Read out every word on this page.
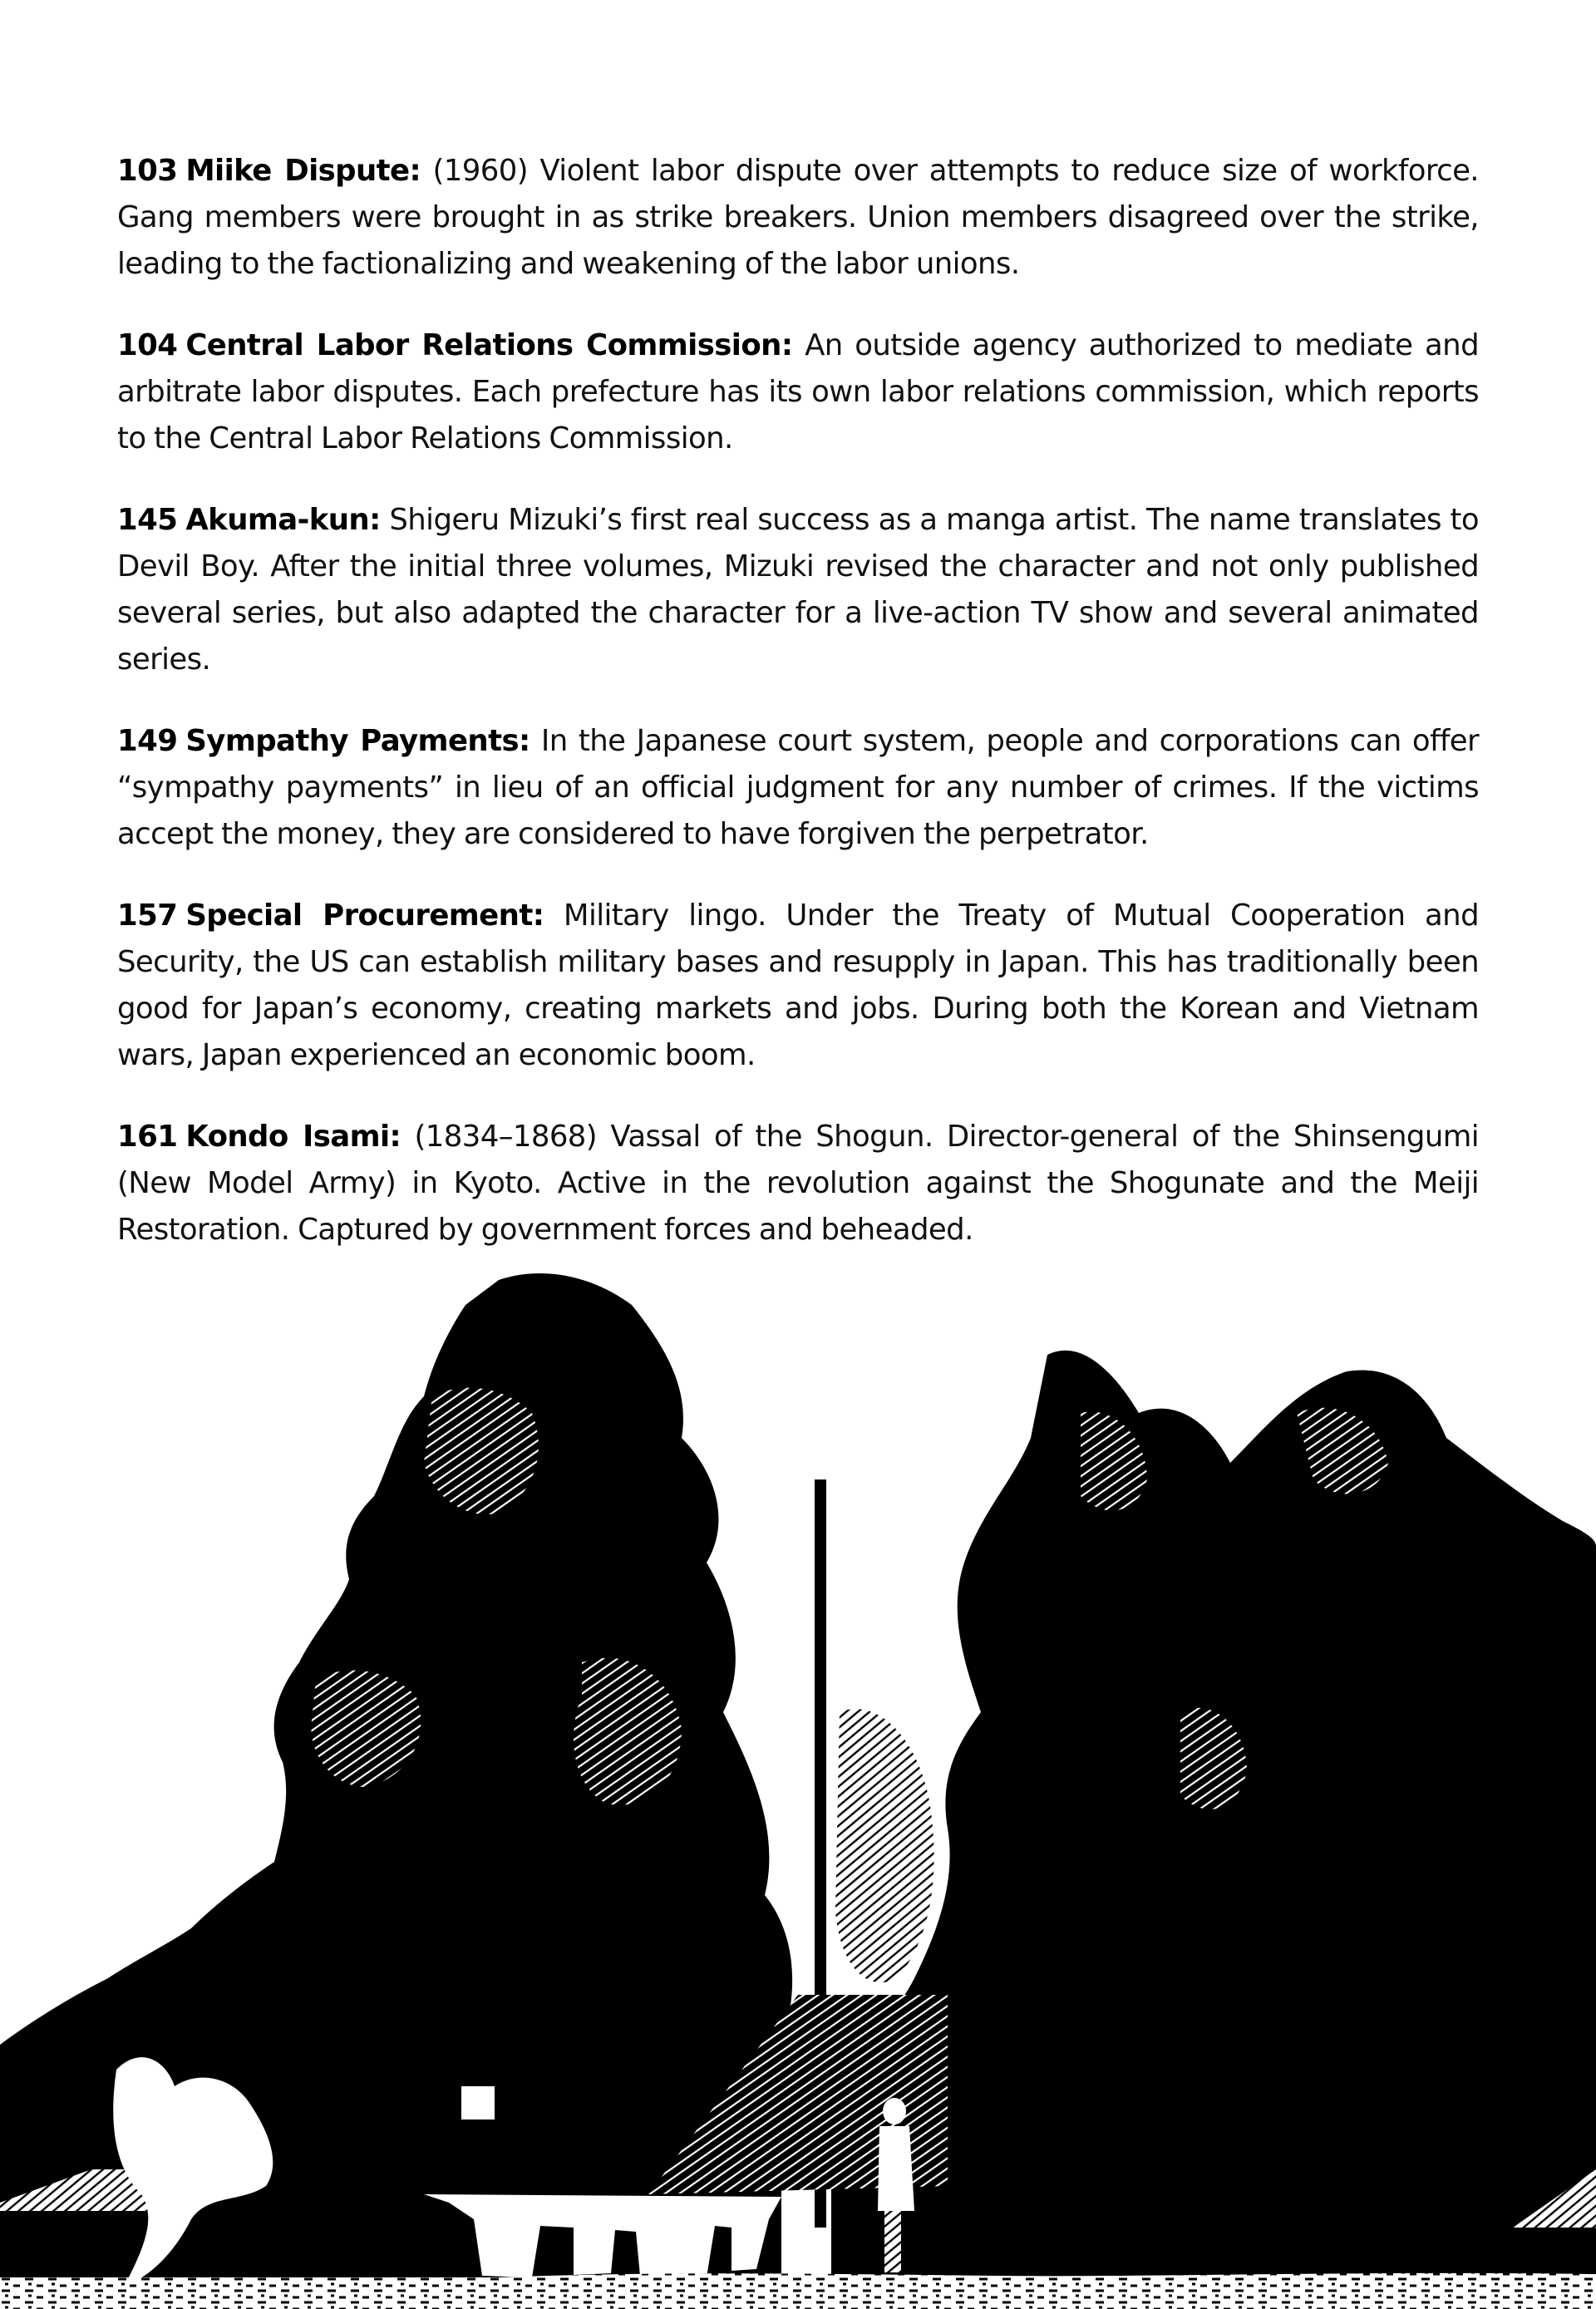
103 Miike Dispute: (1960) Violent labor dispute over attempts to reduce size of workforce. Gang members were brought in as strike breakers. Union members disagreed over the strike, leading to the factionalizing and weakening of the labor unions.

104 Central Labor Relations Commission: An outside agency authorized to mediate and arbitrate labor disputes. Each prefecture has its own labor relations commission, which reports to the Central Labor Relations Commission.

145 Akuma-kun: Shigeru Mizuki’s first real success as a manga artist. The name translates to Devil Boy. After the initial three volumes, Mizuki revised the character and not only published several series, but also adapted the character for a live-action TV show and several animated series.

149 Sympathy Payments: In the Japanese court system, people and corporations can offer “sympathy payments” in lieu of an official judgment for any number of crimes. If the victims accept the money, they are considered to have forgiven the perpetrator.

157 Special Procurement: Military lingo. Under the Treaty of Mutual Cooperation and Security, the US can establish military bases and resupply in Japan. This has traditionally been good for Japan’s economy, creating markets and jobs. During both the Korean and Vietnam wars, Japan experienced an economic boom.

161 Kondo Isami: (1834–1868) Vassal of the Shogun. Director-general of the Shinsengumi (New Model Army) in Kyoto. Active in the revolution against the Shogunate and the Meiji Restoration. Captured by government forces and beheaded.
